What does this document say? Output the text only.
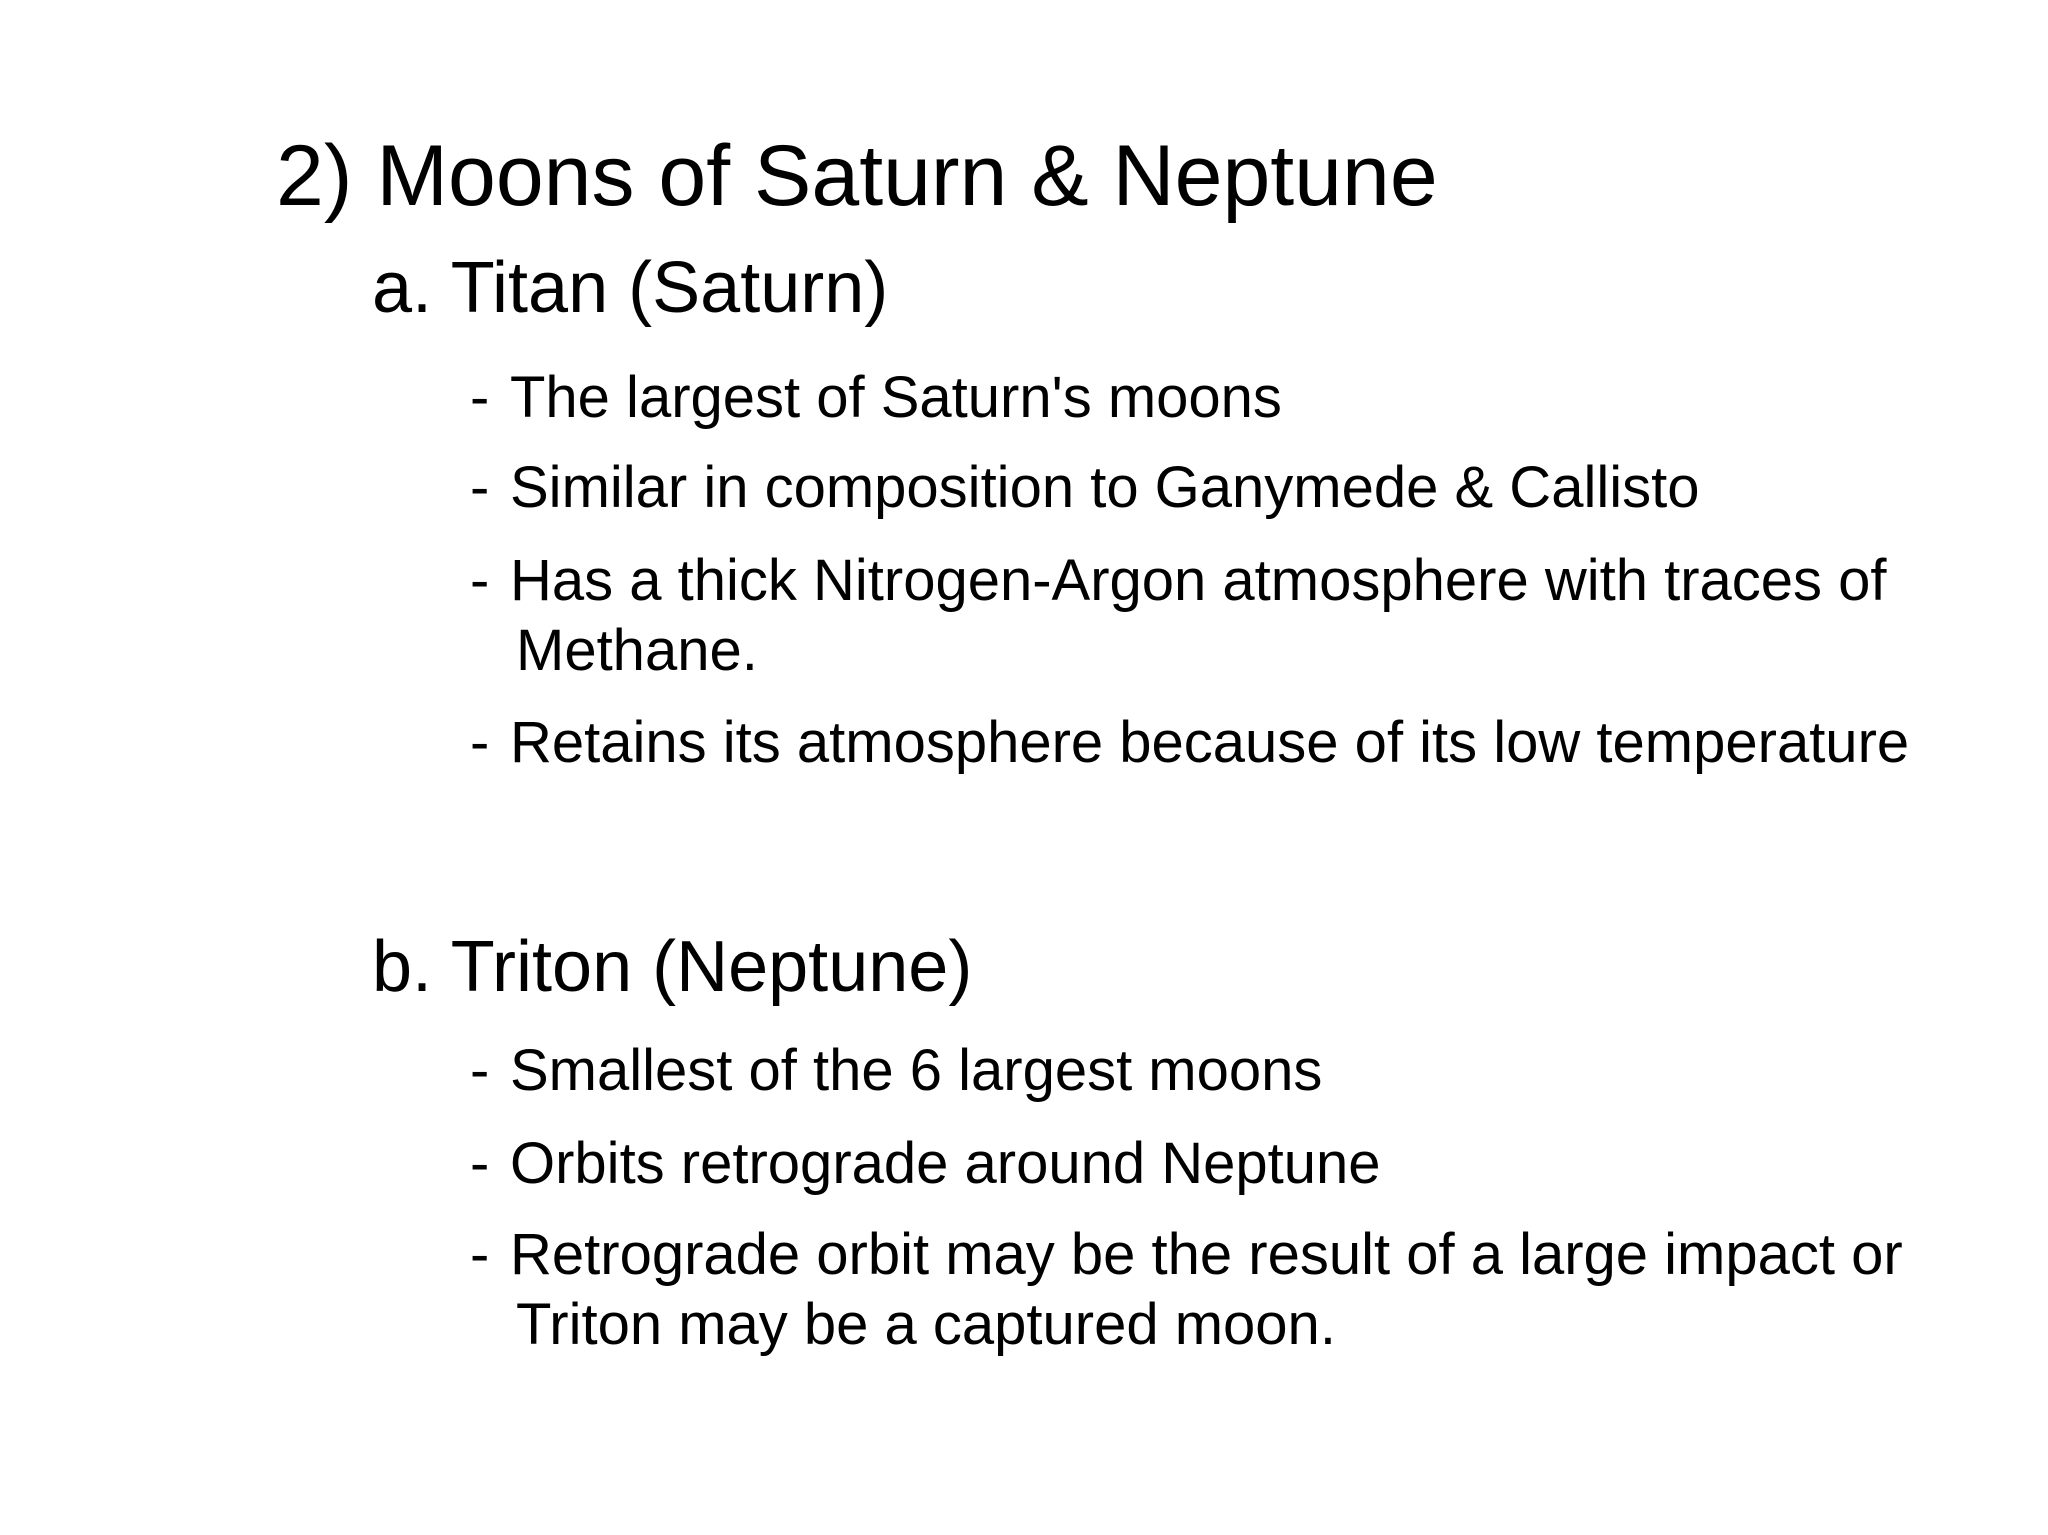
2) Moons of Saturn & Neptune
a. Titan (Saturn)
- The largest of Saturn's moons
- Similar in composition to Ganymede & Callisto
- Has a thick Nitrogen-Argon atmosphere with traces of
Methane.
- Retains its atmosphere because of its low temperature
b. Triton (Neptune)
- Smallest of the 6 largest moons
- Orbits retrograde around Neptune
- Retrograde orbit may be the result of a large impact or
Triton may be a captured moon.
